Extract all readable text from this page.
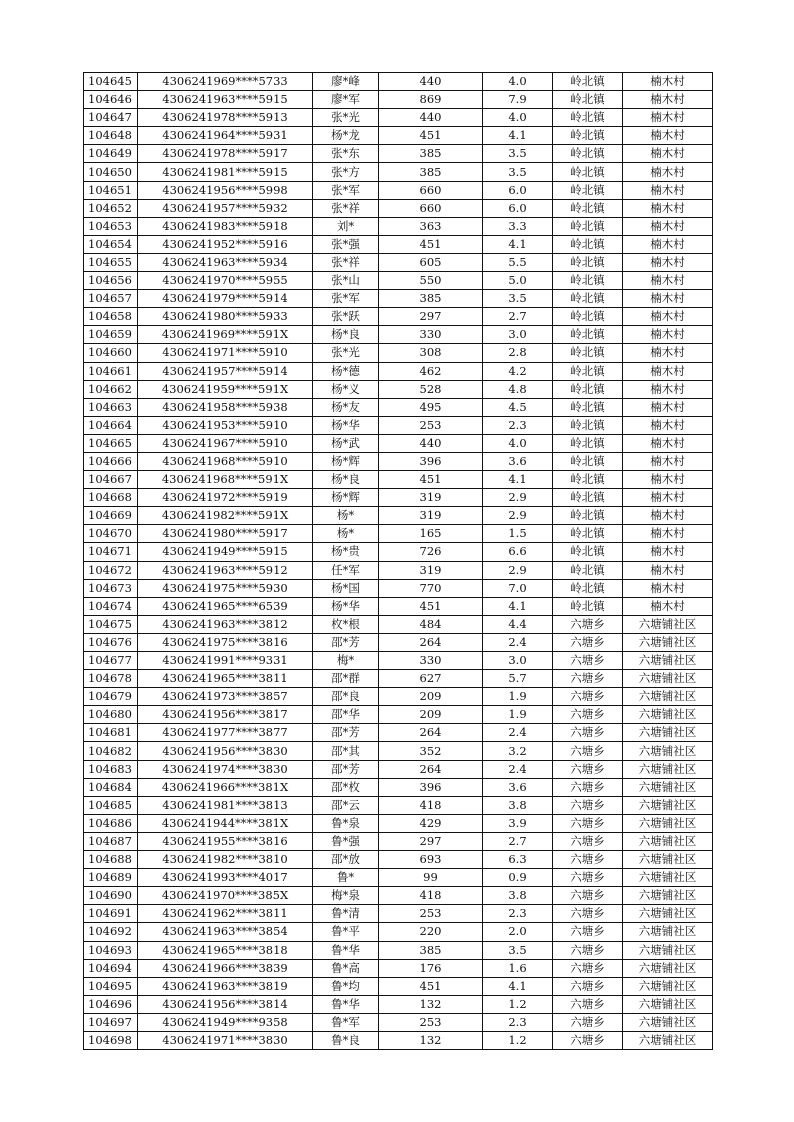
104645	4306241969****5733	廖*峰	440	4.0	岭北镇	楠木村
104646	4306241963****5915	廖*军	869	7.9	岭北镇	楠木村
104647	4306241978****5913	张*光	440	4.0	岭北镇	楠木村
104648	4306241964****5931	杨*龙	451	4.1	岭北镇	楠木村
104649	4306241978****5917	张*东	385	3.5	岭北镇	楠木村
104650	4306241981****5915	张*方	385	3.5	岭北镇	楠木村
104651	4306241956****5998	张*军	660	6.0	岭北镇	楠木村
104652	4306241957****5932	张*祥	660	6.0	岭北镇	楠木村
104653	4306241983****5918	刘*	363	3.3	岭北镇	楠木村
104654	4306241952****5916	张*强	451	4.1	岭北镇	楠木村
104655	4306241963****5934	张*祥	605	5.5	岭北镇	楠木村
104656	4306241970****5955	张*山	550	5.0	岭北镇	楠木村
104657	4306241979****5914	张*军	385	3.5	岭北镇	楠木村
104658	4306241980****5933	张*跃	297	2.7	岭北镇	楠木村
104659	4306241969****591X	杨*良	330	3.0	岭北镇	楠木村
104660	4306241971****5910	张*光	308	2.8	岭北镇	楠木村
104661	4306241957****5914	杨*德	462	4.2	岭北镇	楠木村
104662	4306241959****591X	杨*义	528	4.8	岭北镇	楠木村
104663	4306241958****5938	杨*友	495	4.5	岭北镇	楠木村
104664	4306241953****5910	杨*华	253	2.3	岭北镇	楠木村
104665	4306241967****5910	杨*武	440	4.0	岭北镇	楠木村
104666	4306241968****5910	杨*辉	396	3.6	岭北镇	楠木村
104667	4306241968****591X	杨*良	451	4.1	岭北镇	楠木村
104668	4306241972****5919	杨*辉	319	2.9	岭北镇	楠木村
104669	4306241982****591X	杨*	319	2.9	岭北镇	楠木村
104670	4306241980****5917	杨*	165	1.5	岭北镇	楠木村
104671	4306241949****5915	杨*贵	726	6.6	岭北镇	楠木村
104672	4306241963****5912	任*军	319	2.9	岭北镇	楠木村
104673	4306241975****5930	杨*国	770	7.0	岭北镇	楠木村
104674	4306241965****6539	杨*华	451	4.1	岭北镇	楠木村
104675	4306241963****3812	枚*根	484	4.4	六塘乡	六塘铺社区
104676	4306241975****3816	邵*芳	264	2.4	六塘乡	六塘铺社区
104677	4306241991****9331	梅*	330	3.0	六塘乡	六塘铺社区
104678	4306241965****3811	邵*群	627	5.7	六塘乡	六塘铺社区
104679	4306241973****3857	邵*良	209	1.9	六塘乡	六塘铺社区
104680	4306241956****3817	邵*华	209	1.9	六塘乡	六塘铺社区
104681	4306241977****3877	邵*芳	264	2.4	六塘乡	六塘铺社区
104682	4306241956****3830	邵*其	352	3.2	六塘乡	六塘铺社区
104683	4306241974****3830	邵*芳	264	2.4	六塘乡	六塘铺社区
104684	4306241966****381X	邵*枚	396	3.6	六塘乡	六塘铺社区
104685	4306241981****3813	邵*云	418	3.8	六塘乡	六塘铺社区
104686	4306241944****381X	鲁*泉	429	3.9	六塘乡	六塘铺社区
104687	4306241955****3816	鲁*强	297	2.7	六塘乡	六塘铺社区
104688	4306241982****3810	邵*放	693	6.3	六塘乡	六塘铺社区
104689	4306241993****4017	鲁*	99	0.9	六塘乡	六塘铺社区
104690	4306241970****385X	梅*泉	418	3.8	六塘乡	六塘铺社区
104691	4306241962****3811	鲁*清	253	2.3	六塘乡	六塘铺社区
104692	4306241963****3854	鲁*平	220	2.0	六塘乡	六塘铺社区
104693	4306241965****3818	鲁*华	385	3.5	六塘乡	六塘铺社区
104694	4306241966****3839	鲁*高	176	1.6	六塘乡	六塘铺社区
104695	4306241963****3819	鲁*均	451	4.1	六塘乡	六塘铺社区
104696	4306241956****3814	鲁*华	132	1.2	六塘乡	六塘铺社区
104697	4306241949****9358	鲁*军	253	2.3	六塘乡	六塘铺社区
104698	4306241971****3830	鲁*良	132	1.2	六塘乡	六塘铺社区
